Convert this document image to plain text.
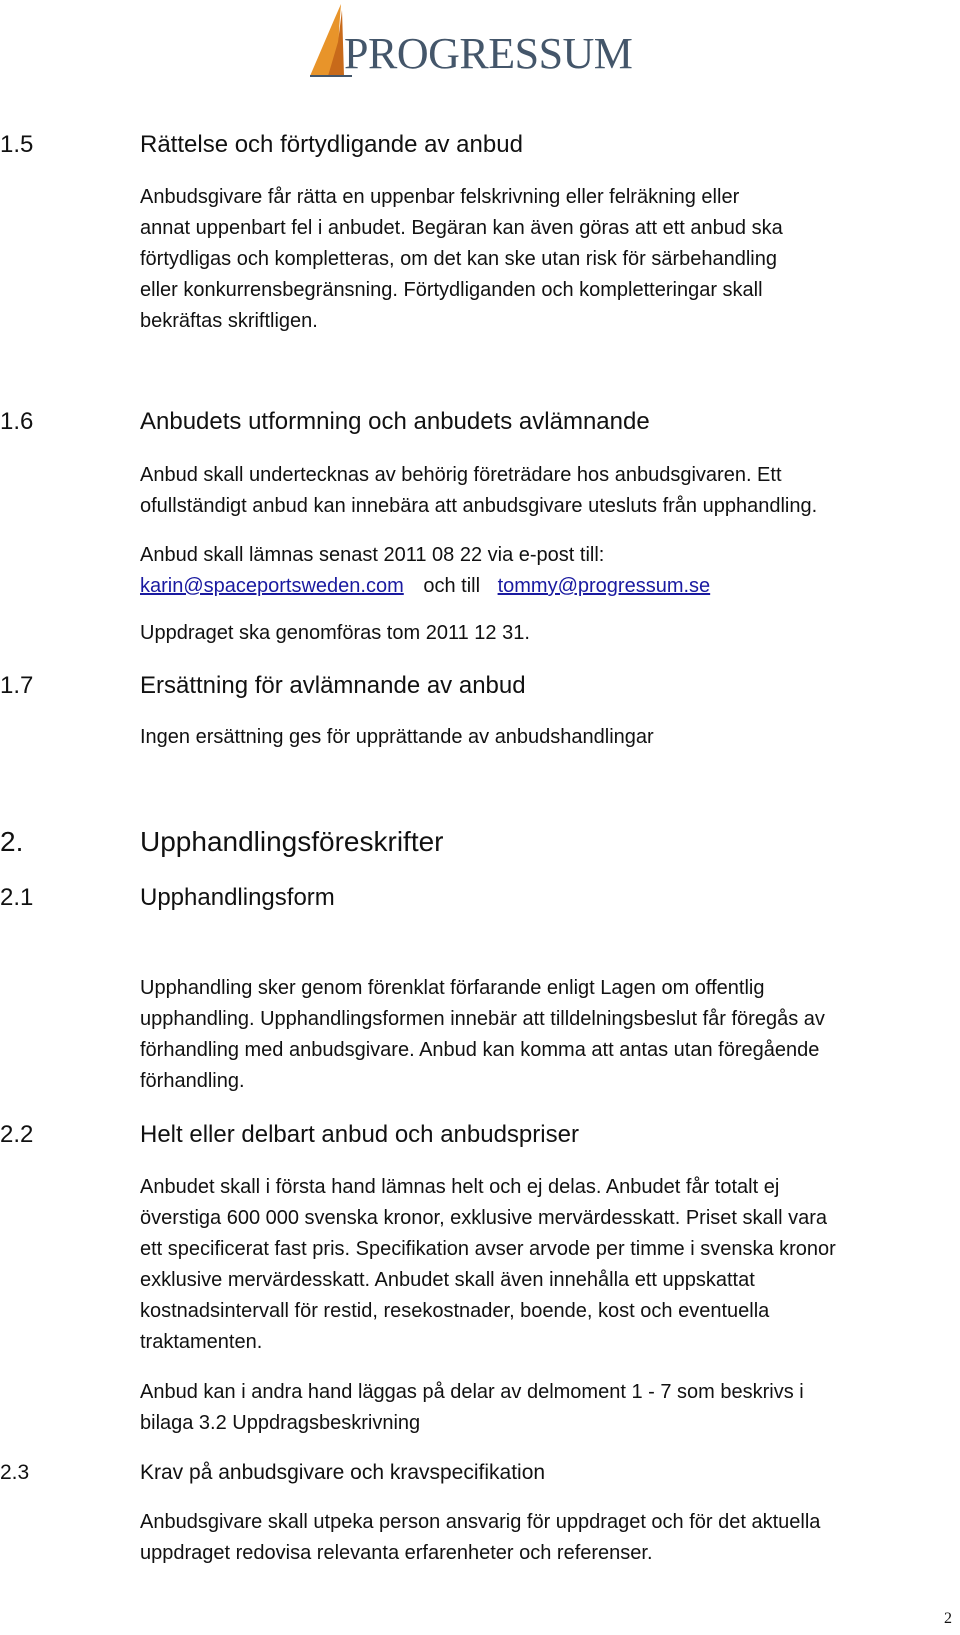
PROGRESSUM
1.5	Rättelse och förtydligande av anbud
Anbudsgivare får rätta en uppenbar felskrivning eller felräkning eller
annat uppenbart fel i anbudet. Begäran kan även göras att ett anbud ska
förtydligas och kompletteras, om det kan ske utan risk för särbehandling
eller konkurrensbegränsning. Förtydliganden och kompletteringar skall
bekräftas skriftligen.
1.6	Anbudets utformning och anbudets avlämnande
Anbud skall undertecknas av behörig företrädare hos anbudsgivaren. Ett
ofullständigt anbud kan innebära att anbudsgivare utesluts från upphandling.
Anbud skall lämnas senast 2011 08 22 via e-post till:
karin@spaceportsweden.com och till tommy@progressum.se
Uppdraget ska genomföras tom 2011 12 31.
1.7	Ersättning för avlämnande av anbud
Ingen ersättning ges för upprättande av anbudshandlingar
2.	Upphandlingsföreskrifter
2.1	Upphandlingsform
Upphandling sker genom förenklat förfarande enligt Lagen om offentlig
upphandling. Upphandlingsformen innebär att tilldelningsbeslut får föregås av
förhandling med anbudsgivare. Anbud kan komma att antas utan föregående
förhandling.
2.2	Helt eller delbart anbud och anbudspriser
Anbudet skall i första hand lämnas helt och ej delas. Anbudet får totalt ej
överstiga 600 000 svenska kronor, exklusive mervärdesskatt. Priset skall vara
ett specificerat fast pris. Specifikation avser arvode per timme i svenska kronor
exklusive mervärdesskatt. Anbudet skall även innehålla ett uppskattat
kostnadsintervall för restid, resekostnader, boende, kost och eventuella
traktamenten.
Anbud kan i andra hand läggas på delar av delmoment 1 - 7 som beskrivs i
bilaga 3.2 Uppdragsbeskrivning
2.3	Krav på anbudsgivare och kravspecifikation
Anbudsgivare skall utpeka person ansvarig för uppdraget och för det aktuella
uppdraget redovisa relevanta erfarenheter och referenser.
2
